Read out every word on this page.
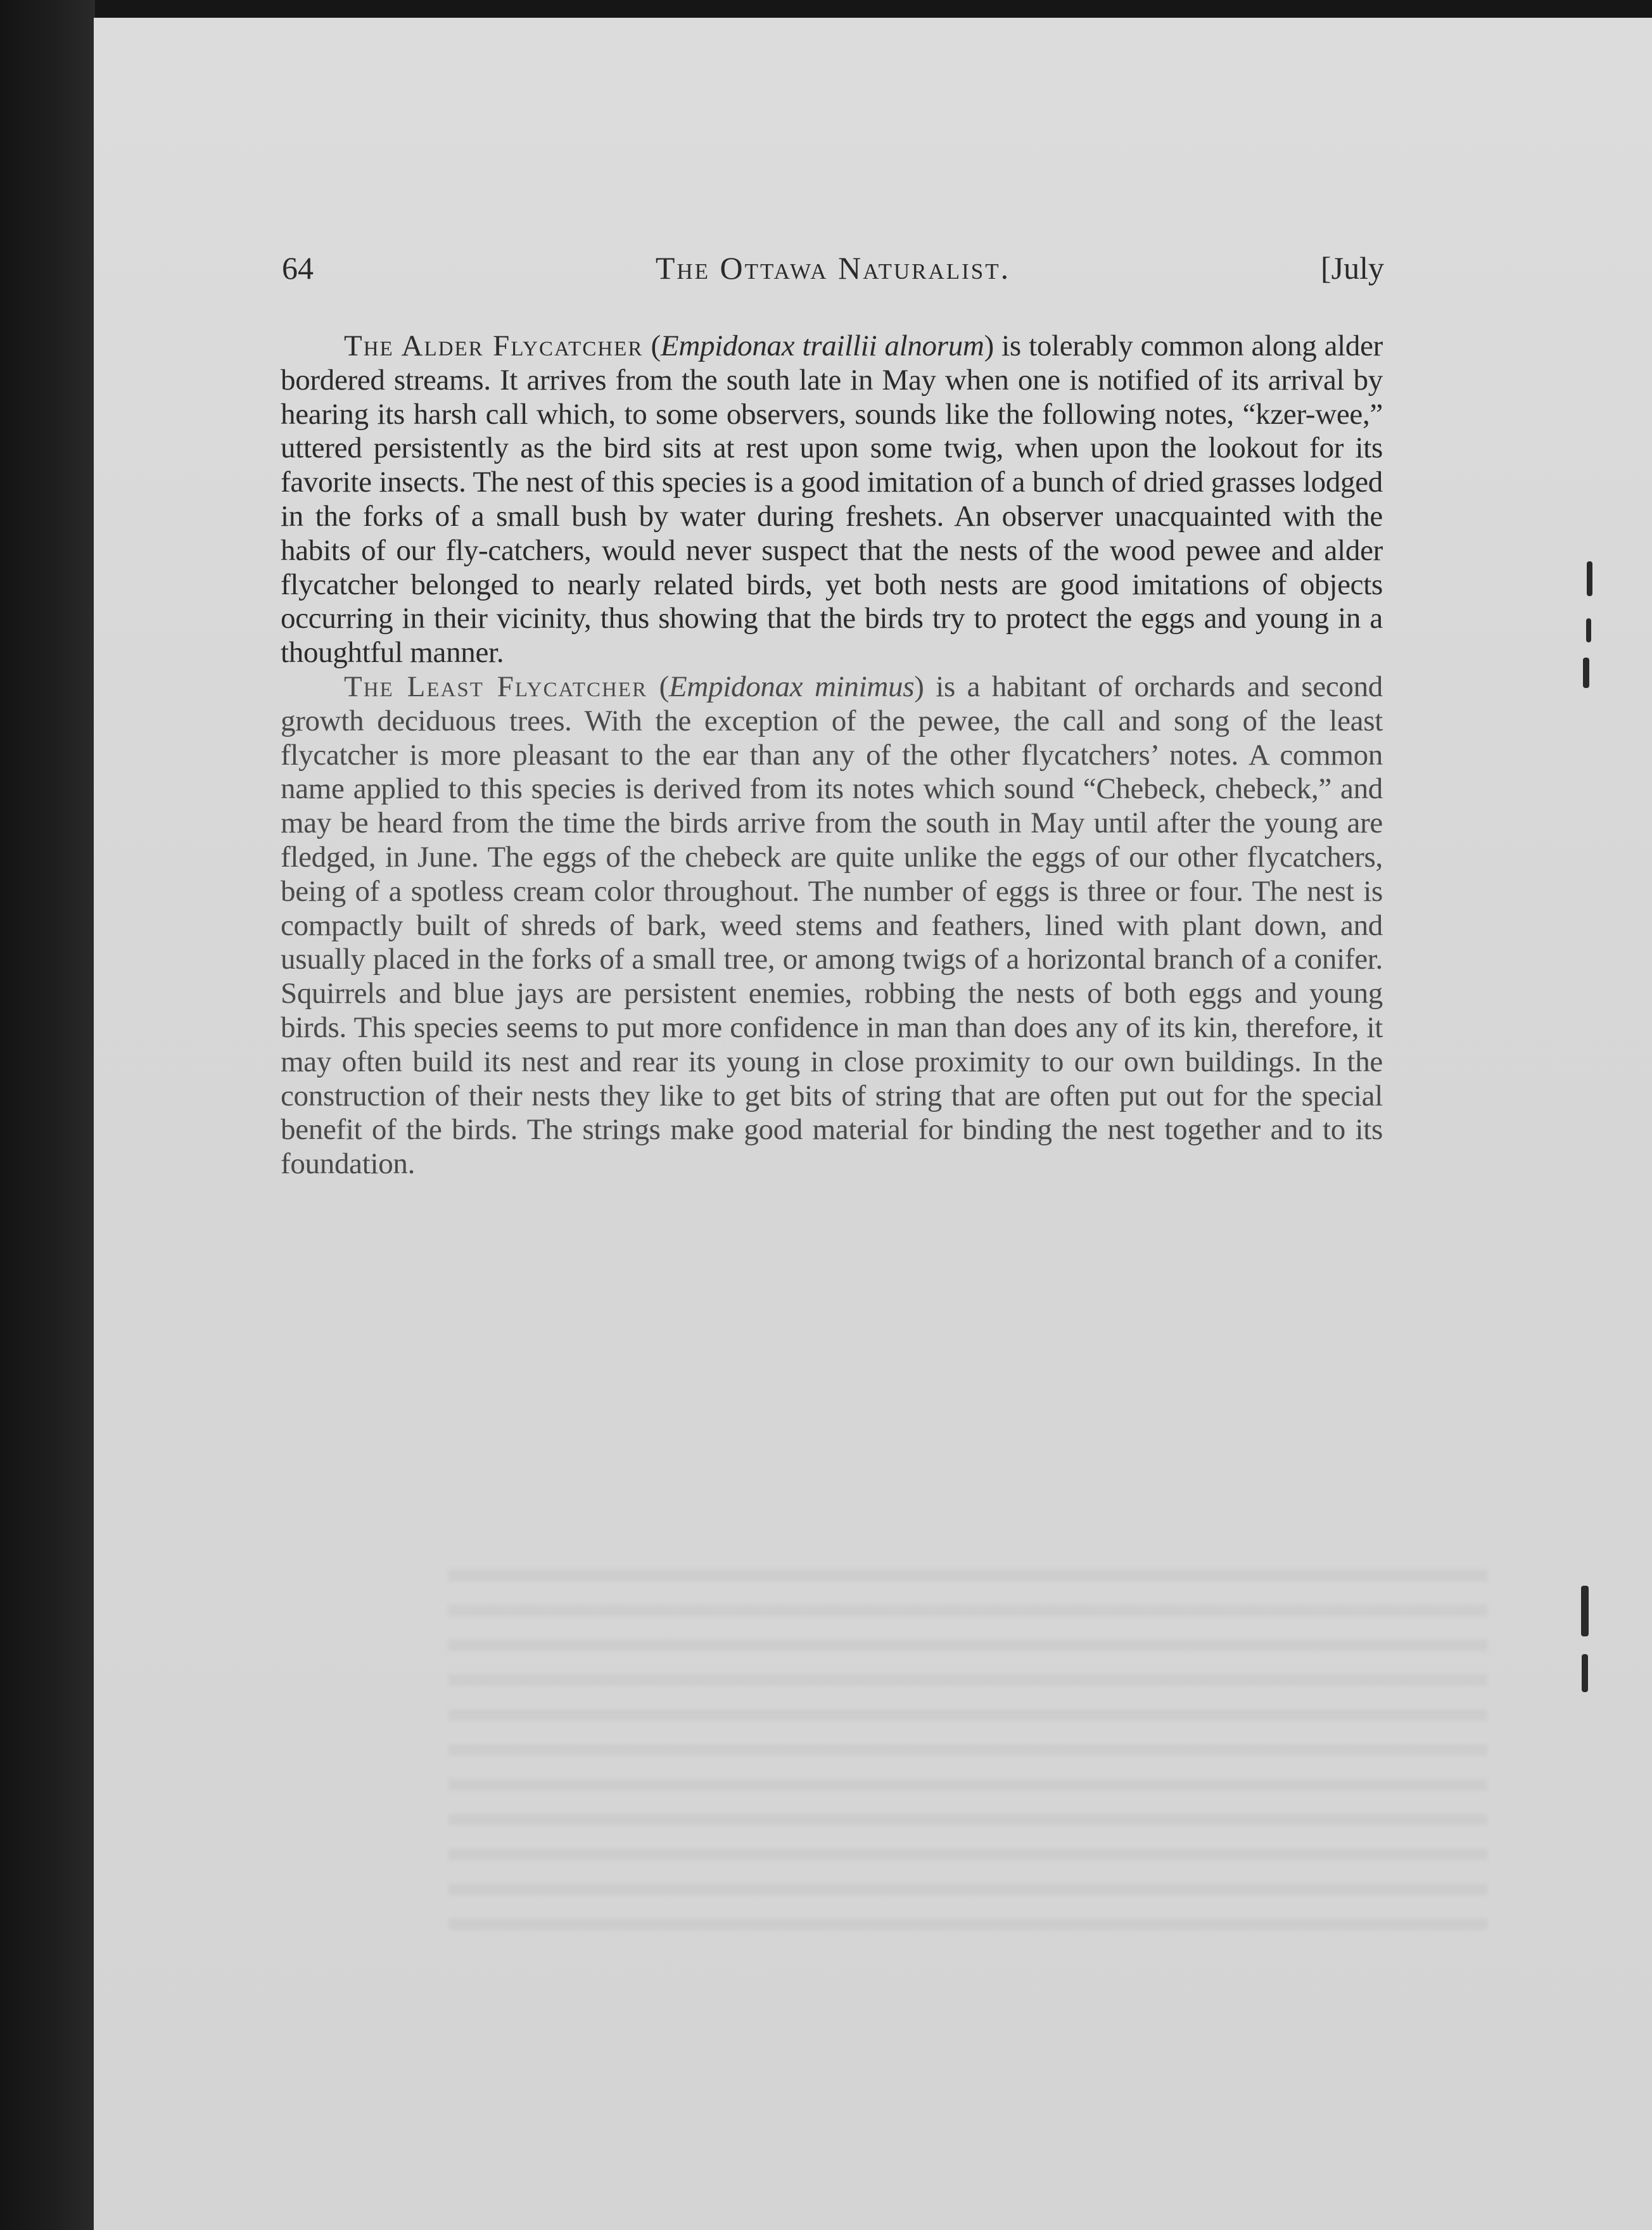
64	The Ottawa Naturalist.	[July

The Alder Flycatcher (Empidonax traillii alnorum) is tolerably common along alder bordered streams. It arrives from the south late in May when one is notified of its arrival by hearing its harsh call which, to some observers, sounds like the following notes, “kzer-wee,” uttered persistently as the bird sits at rest upon some twig, when upon the lookout for its favorite insects. The nest of this species is a good imitation of a bunch of dried grasses lodged in the forks of a small bush by water during freshets. An observer unacquainted with the habits of our fly-catchers, would never suspect that the nests of the wood pewee and alder flycatcher belonged to nearly related birds, yet both nests are good imitations of objects occurring in their vicinity, thus showing that the birds try to protect the eggs and young in a thoughtful manner.

The Least Flycatcher (Empidonax minimus) is a habitant of orchards and second growth deciduous trees. With the exception of the pewee, the call and song of the least flycatcher is more pleasant to the ear than any of the other flycatchers’ notes. A common name applied to this species is derived from its notes which sound “Chebeck, chebeck,” and may be heard from the time the birds arrive from the south in May until after the young are fledged, in June. The eggs of the chebeck are quite unlike the eggs of our other flycatchers, being of a spotless cream color throughout. The number of eggs is three or four. The nest is compactly built of shreds of bark, weed stems and feathers, lined with plant down, and usually placed in the forks of a small tree, or among twigs of a horizontal branch of a conifer. Squirrels and blue jays are persistent enemies, robbing the nests of both eggs and young birds. This species seems to put more confidence in man than does any of its kin, therefore, it may often build its nest and rear its young in close proximity to our own buildings. In the construction of their nests they like to get bits of string that are often put out for the special benefit of the birds. The strings make good material for binding the nest together and to its foundation.
